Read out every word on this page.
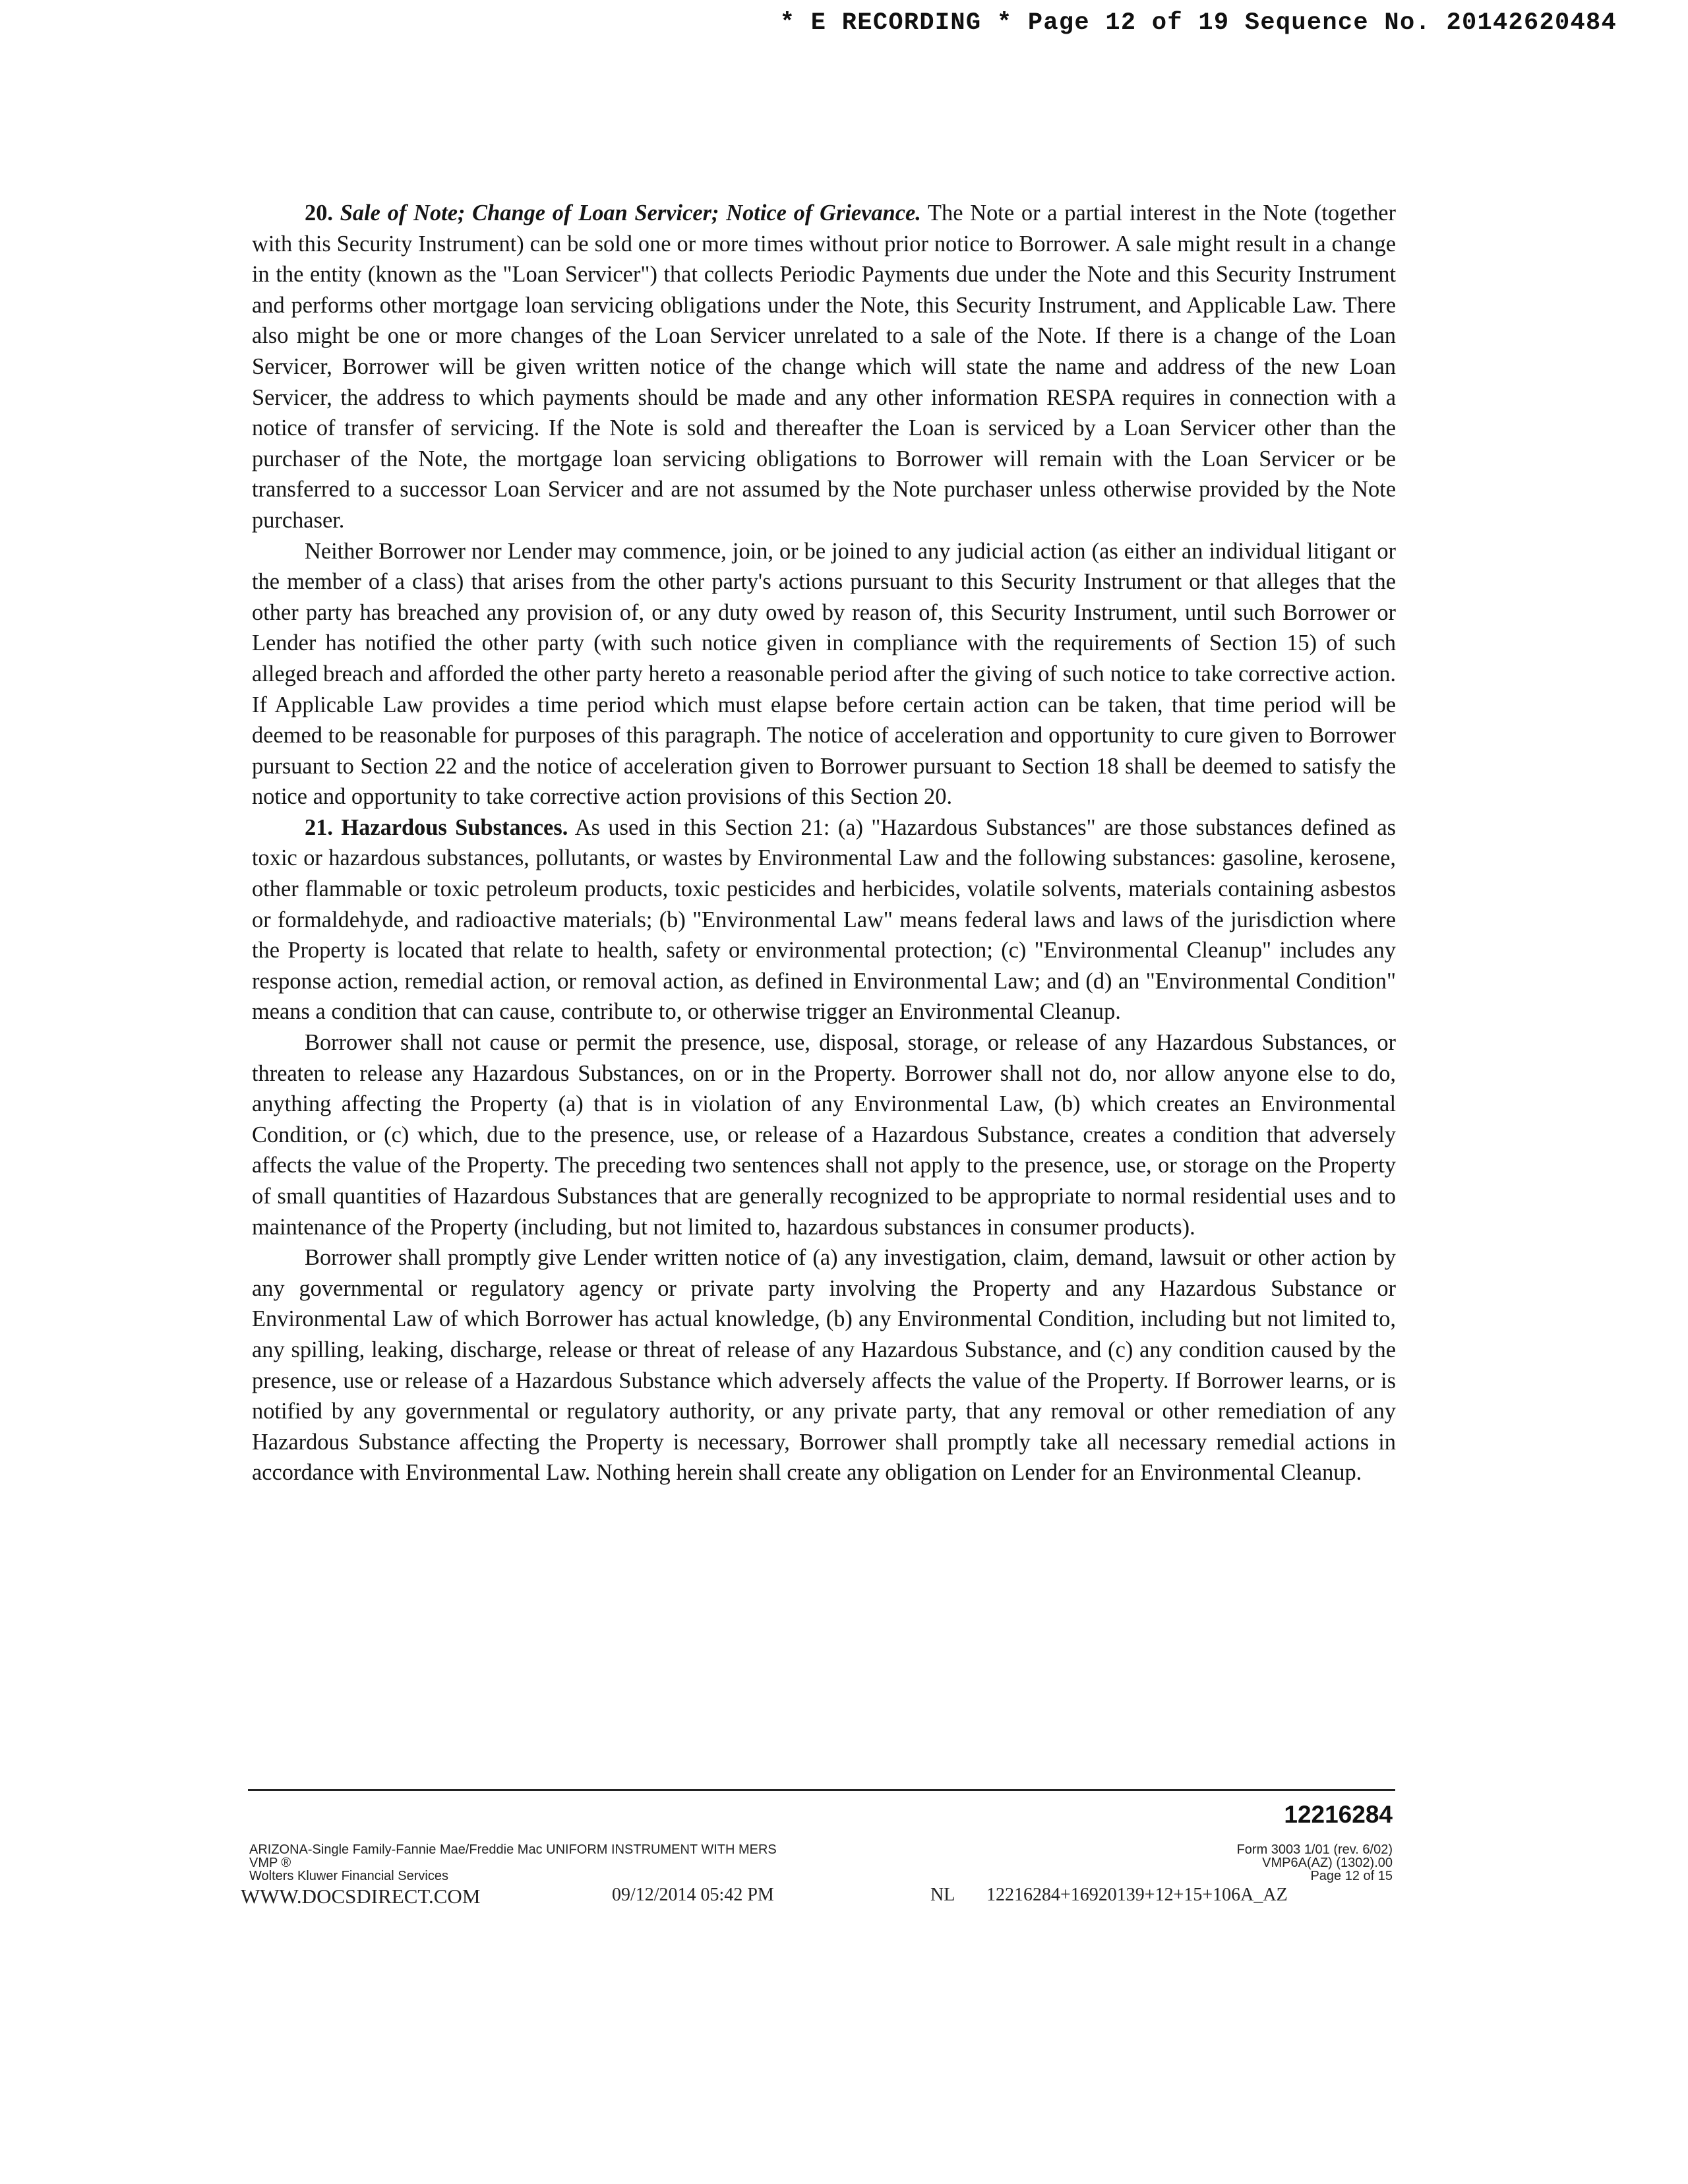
* E RECORDING * Page 12 of 19 Sequence No. 20142620484

20. Sale of Note; Change of Loan Servicer; Notice of Grievance. The Note or a partial interest in the Note (together with this Security Instrument) can be sold one or more times without prior notice to Borrower. A sale might result in a change in the entity (known as the "Loan Servicer") that collects Periodic Payments due under the Note and this Security Instrument and performs other mortgage loan servicing obligations under the Note, this Security Instrument, and Applicable Law. There also might be one or more changes of the Loan Servicer unrelated to a sale of the Note. If there is a change of the Loan Servicer, Borrower will be given written notice of the change which will state the name and address of the new Loan Servicer, the address to which payments should be made and any other information RESPA requires in connection with a notice of transfer of servicing. If the Note is sold and thereafter the Loan is serviced by a Loan Servicer other than the purchaser of the Note, the mortgage loan servicing obligations to Borrower will remain with the Loan Servicer or be transferred to a successor Loan Servicer and are not assumed by the Note purchaser unless otherwise provided by the Note purchaser.

Neither Borrower nor Lender may commence, join, or be joined to any judicial action (as either an individual litigant or the member of a class) that arises from the other party's actions pursuant to this Security Instrument or that alleges that the other party has breached any provision of, or any duty owed by reason of, this Security Instrument, until such Borrower or Lender has notified the other party (with such notice given in compliance with the requirements of Section 15) of such alleged breach and afforded the other party hereto a reasonable period after the giving of such notice to take corrective action. If Applicable Law provides a time period which must elapse before certain action can be taken, that time period will be deemed to be reasonable for purposes of this paragraph. The notice of acceleration and opportunity to cure given to Borrower pursuant to Section 22 and the notice of acceleration given to Borrower pursuant to Section 18 shall be deemed to satisfy the notice and opportunity to take corrective action provisions of this Section 20.

21. Hazardous Substances. As used in this Section 21: (a) "Hazardous Substances" are those substances defined as toxic or hazardous substances, pollutants, or wastes by Environmental Law and the following substances: gasoline, kerosene, other flammable or toxic petroleum products, toxic pesticides and herbicides, volatile solvents, materials containing asbestos or formaldehyde, and radioactive materials; (b) "Environmental Law" means federal laws and laws of the jurisdiction where the Property is located that relate to health, safety or environmental protection; (c) "Environmental Cleanup" includes any response action, remedial action, or removal action, as defined in Environmental Law; and (d) an "Environmental Condition" means a condition that can cause, contribute to, or otherwise trigger an Environmental Cleanup.

Borrower shall not cause or permit the presence, use, disposal, storage, or release of any Hazardous Substances, or threaten to release any Hazardous Substances, on or in the Property. Borrower shall not do, nor allow anyone else to do, anything affecting the Property (a) that is in violation of any Environmental Law, (b) which creates an Environmental Condition, or (c) which, due to the presence, use, or release of a Hazardous Substance, creates a condition that adversely affects the value of the Property. The preceding two sentences shall not apply to the presence, use, or storage on the Property of small quantities of Hazardous Substances that are generally recognized to be appropriate to normal residential uses and to maintenance of the Property (including, but not limited to, hazardous substances in consumer products).

Borrower shall promptly give Lender written notice of (a) any investigation, claim, demand, lawsuit or other action by any governmental or regulatory agency or private party involving the Property and any Hazardous Substance or Environmental Law of which Borrower has actual knowledge, (b) any Environmental Condition, including but not limited to, any spilling, leaking, discharge, release or threat of release of any Hazardous Substance, and (c) any condition caused by the presence, use or release of a Hazardous Substance which adversely affects the value of the Property. If Borrower learns, or is notified by any governmental or regulatory authority, or any private party, that any removal or other remediation of any Hazardous Substance affecting the Property is necessary, Borrower shall promptly take all necessary remedial actions in accordance with Environmental Law. Nothing herein shall create any obligation on Lender for an Environmental Cleanup.

12216284
ARIZONA-Single Family-Fannie Mae/Freddie Mac UNIFORM INSTRUMENT WITH MERS
VMP ®
Wolters Kluwer Financial Services
Form 3003 1/01 (rev. 6/02)
VMP6A(AZ) (1302).00
Page 12 of 15
WWW.DOCSDIRECT.COM	09/12/2014 05:42 PM	NL 12216284+16920139+12+15+106A_AZ
